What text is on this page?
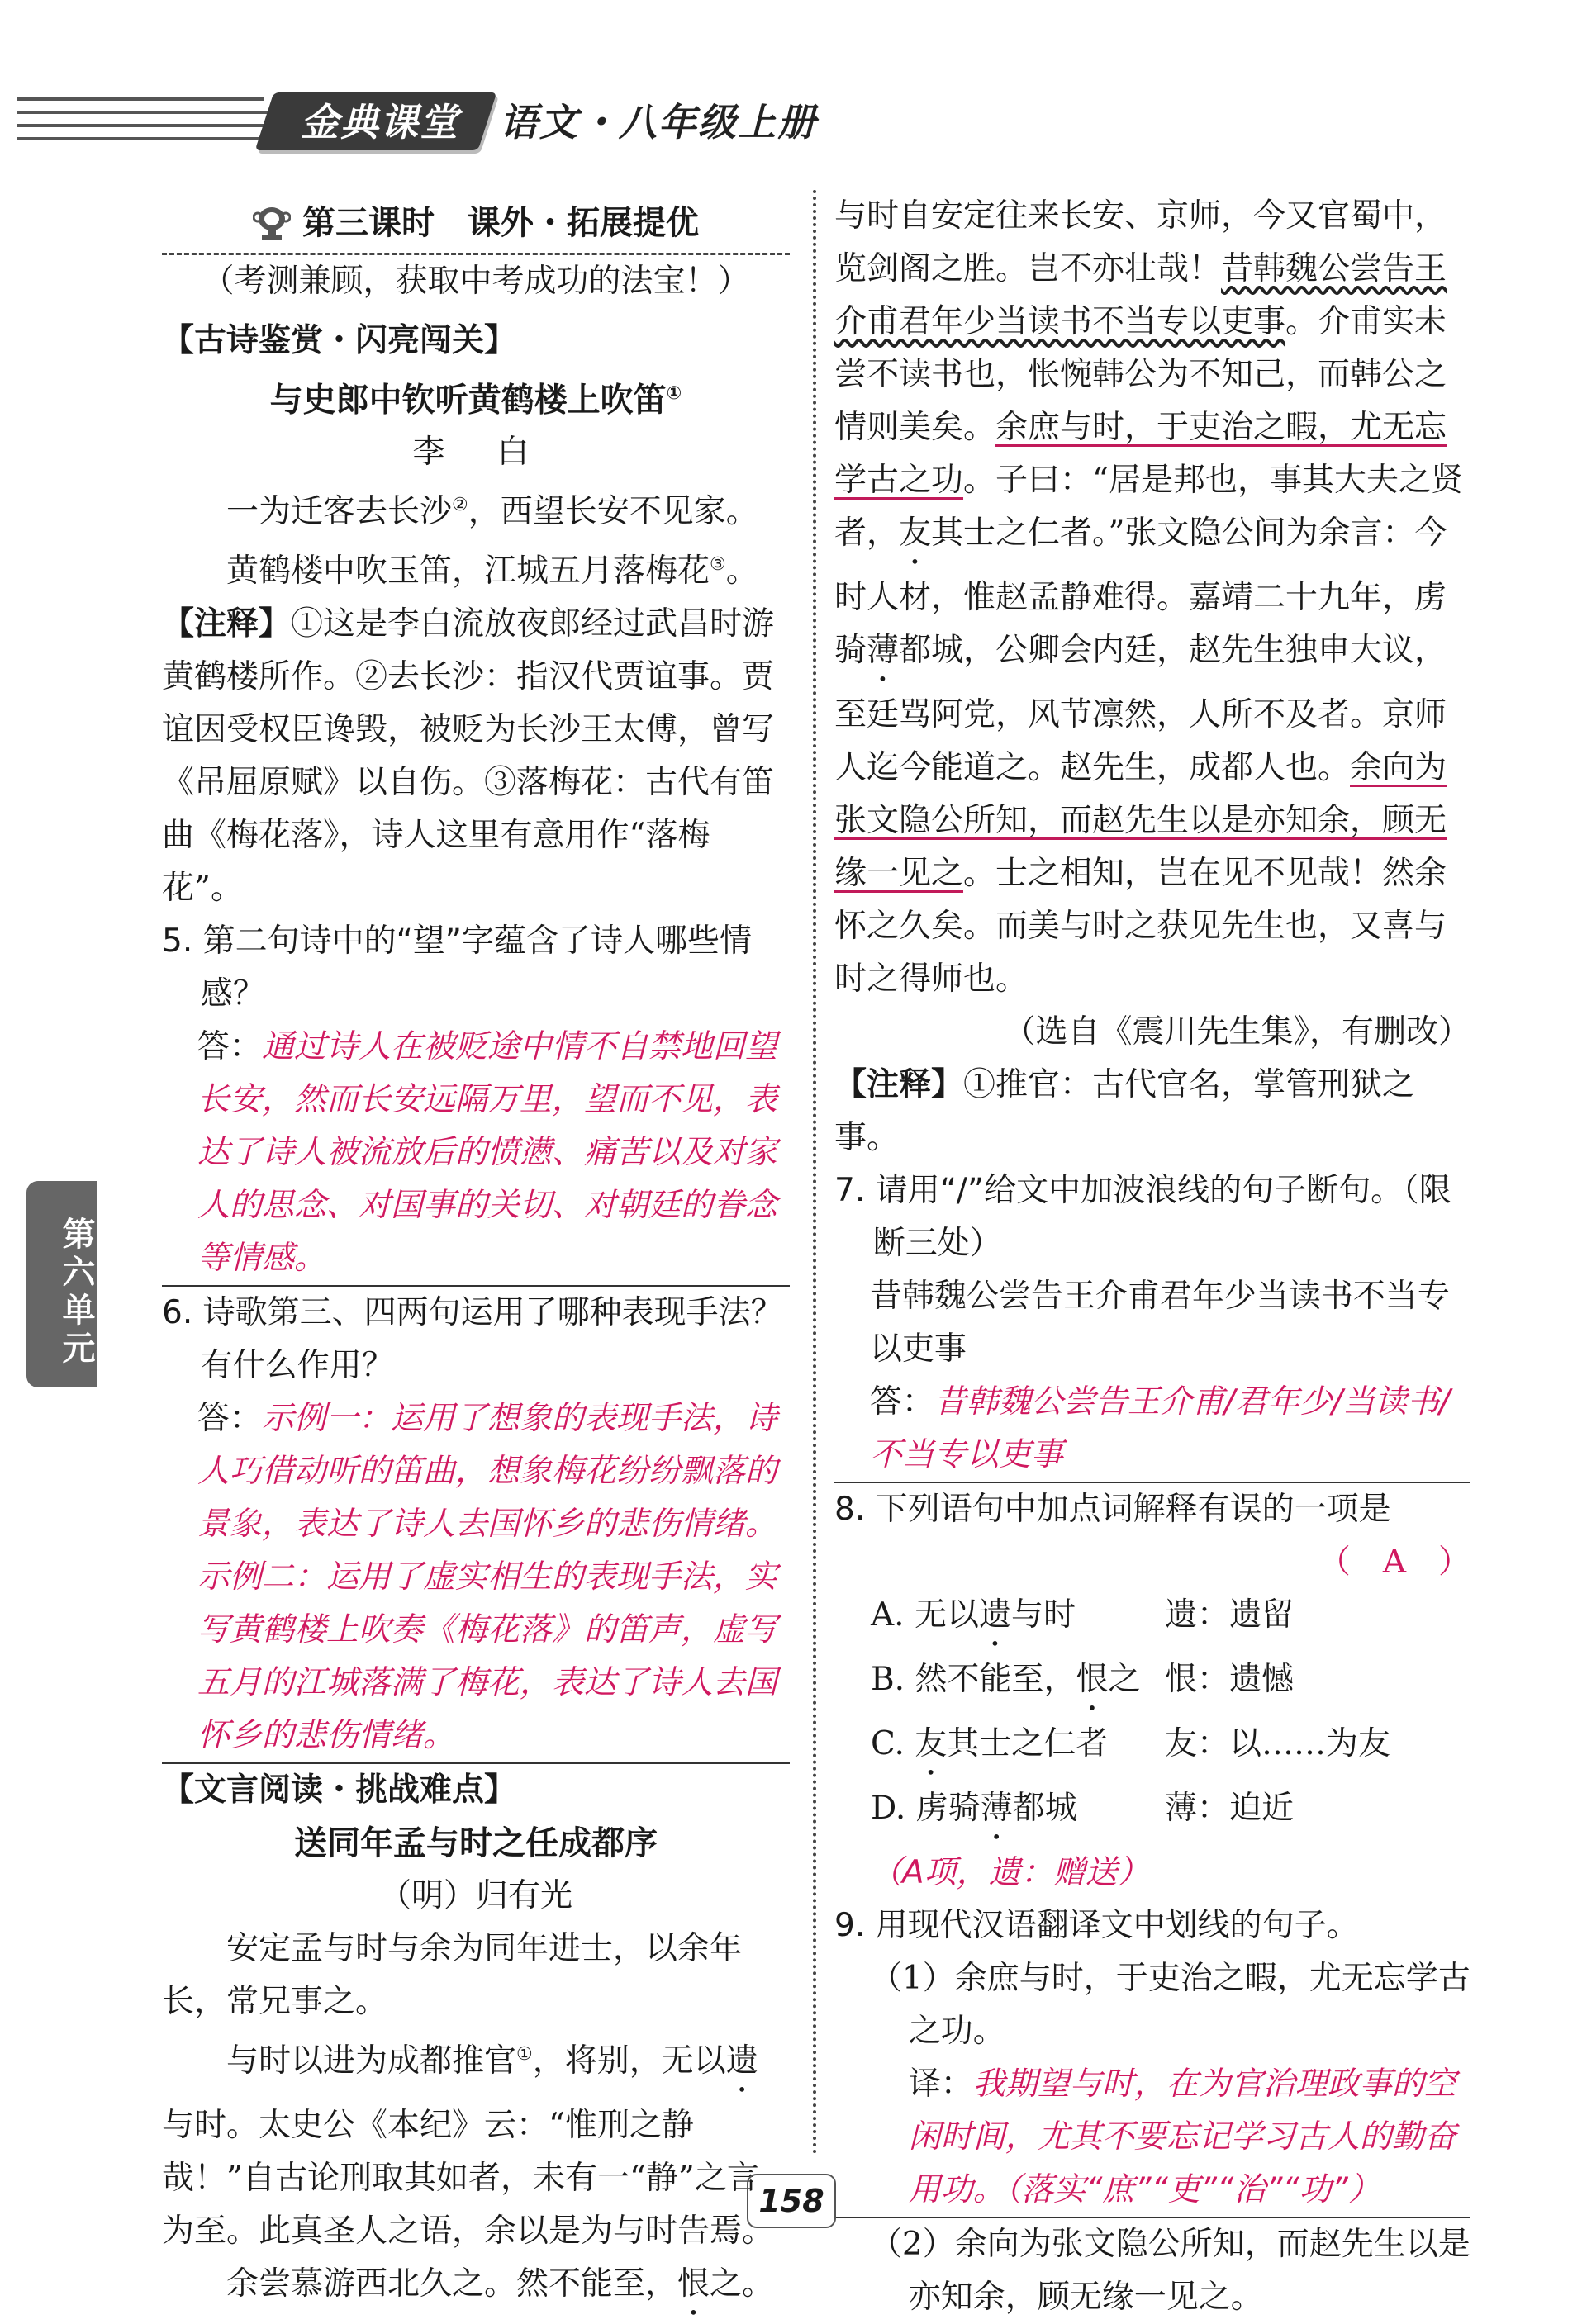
金典课堂	语文・八年级上册
第六单元
第三课时　课外・拓展提优
（考测兼顾，获取中考成功的法宝！）
【古诗鉴赏・闪亮闯关】
与史郎中钦听黄鹤楼上吹笛①
李　白
一为迁客去长沙②，西望长安不见家。
黄鹤楼中吹玉笛，江城五月落梅花③。
【注释】①这是李白流放夜郎经过武昌时游黄鹤楼所作。②去长沙：指汉代贾谊事。贾谊因受权臣谗毁，被贬为长沙王太傅，曾写《吊屈原赋》以自伤。③落梅花：古代有笛曲《梅花落》，诗人这里有意用作“落梅花”。
5. 第二句诗中的“望”字蕴含了诗人哪些情感？
答：通过诗人在被贬途中情不自禁地回望长安，然而长安远隔万里，望而不见，表达了诗人被流放后的愤懑、痛苦以及对家人的思念、对国事的关切、对朝廷的眷念等情感。
6. 诗歌第三、四两句运用了哪种表现手法？有什么作用？
答：示例一：运用了想象的表现手法，诗人巧借动听的笛曲，想象梅花纷纷飘落的景象，表达了诗人去国怀乡的悲伤情绪。示例二：运用了虚实相生的表现手法，实写黄鹤楼上吹奏《梅花落》的笛声，虚写五月的江城落满了梅花，表达了诗人去国怀乡的悲伤情绪。
【文言阅读・挑战难点】
送同年孟与时之任成都序
（明）归有光
安定孟与时与余为同年进士，以余年长，常兄事之。
与时以进为成都推官①，将别，无以遗与时。太史公《本纪》云：“惟刑之静哉！”自古论刑取其如者，未有一“静”之言为至。此真圣人之语，余以是为与时告焉。
余尝慕游西北久之。然不能至，恨之。
与时自安定往来长安、京师，今又官蜀中，览剑阁之胜。岂不亦壮哉！昔韩魏公尝告王介甫君年少当读书不当专以吏事。介甫实未尝不读书也，怅惋韩公为不知己，而韩公之情则美矣。余庶与时，于吏治之暇，尤无忘学古之功。子曰：“居是邦也，事其大夫之贤者，友其士之仁者。”张文隐公间为余言：今时人材，惟赵孟静难得。嘉靖二十九年，虏骑薄都城，公卿会内廷，赵先生独申大议，至廷骂阿党，风节凛然，人所不及者。京师人迄今能道之。赵先生，成都人也。余向为张文隐公所知，而赵先生以是亦知余，顾无缘一见之。士之相知，岂在见不见哉！然余怀之久矣。而美与时之获见先生也，又喜与时之得师也。
（选自《震川先生集》，有删改）
【注释】①推官：古代官名，掌管刑狱之事。
7. 请用“/”给文中加波浪线的句子断句。（限断三处）
昔韩魏公尝告王介甫君年少当读书不当专以吏事
答：昔韩魏公尝告王介甫/君年少/当读书/不当专以吏事
8. 下列语句中加点词解释有误的一项是
（　A　）
A. 无以遗与时	遗：遗留
B. 然不能至，恨之 恨：遗憾
C. 友其士之仁者	友：以……为友
D. 虏骑薄都城	薄：迫近
（A项，遗：赠送）
9. 用现代汉语翻译文中划线的句子。
（1）余庶与时，于吏治之暇，尤无忘学古之功。
译：我期望与时，在为官治理政事的空闲时间，尤其不要忘记学习古人的勤奋用功。（落实“庶”“吏”“治”“功”）
（2）余向为张文隐公所知，而赵先生以是亦知余，顾无缘一见之。
158
